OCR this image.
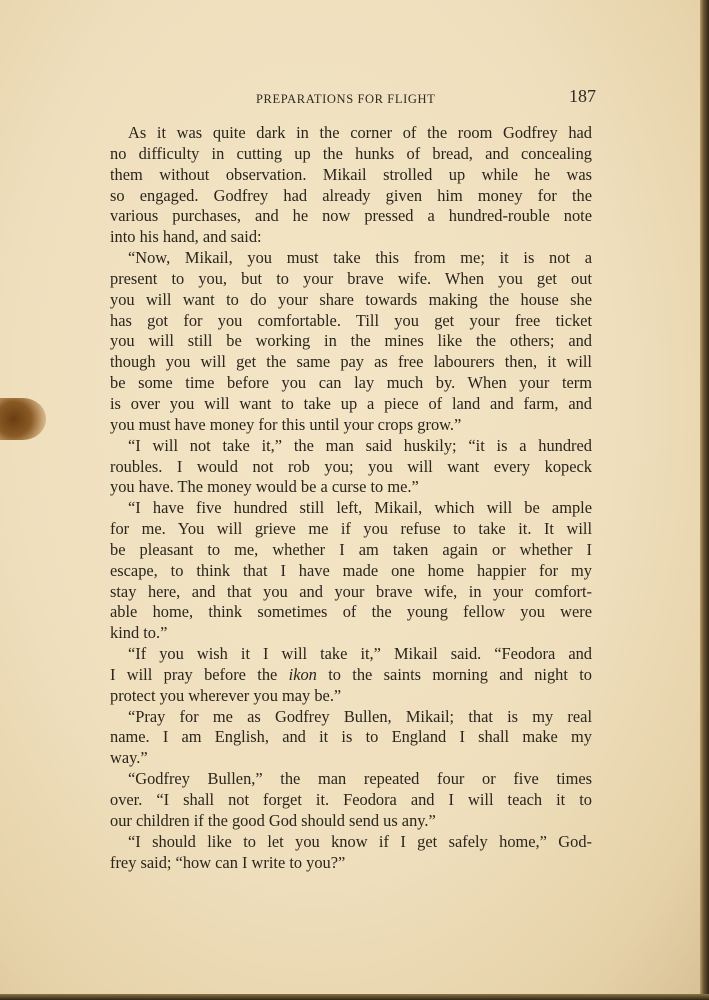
PREPARATIONS FOR FLIGHT	187
As it was quite dark in the corner of the room Godfrey had
no difficulty in cutting up the hunks of bread, and concealing
them without observation. Mikail strolled up while he was
so engaged. Godfrey had already given him money for the
various purchases, and he now pressed a hundred-rouble note
into his hand, and said:
“Now, Mikail, you must take this from me; it is not a
present to you, but to your brave wife. When you get out
you will want to do your share towards making the house she
has got for you comfortable. Till you get your free ticket
you will still be working in the mines like the others; and
though you will get the same pay as free labourers then, it will
be some time before you can lay much by. When your term
is over you will want to take up a piece of land and farm, and
you must have money for this until your crops grow.”
“I will not take it,” the man said huskily; “it is a hundred
roubles. I would not rob you; you will want every kopeck
you have. The money would be a curse to me.”
“I have five hundred still left, Mikail, which will be ample
for me. You will grieve me if you refuse to take it. It will
be pleasant to me, whether I am taken again or whether I
escape, to think that I have made one home happier for my
stay here, and that you and your brave wife, in your comfort-
able home, think sometimes of the young fellow you were
kind to.”
“If you wish it I will take it,” Mikail said. “Feodora and
I will pray before the ikon to the saints morning and night to
protect you wherever you may be.”
“Pray for me as Godfrey Bullen, Mikail; that is my real
name. I am English, and it is to England I shall make my
way.”
“Godfrey Bullen,” the man repeated four or five times
over. “I shall not forget it. Feodora and I will teach it to
our children if the good God should send us any.”
“I should like to let you know if I get safely home,” God-
frey said; “how can I write to you?”
